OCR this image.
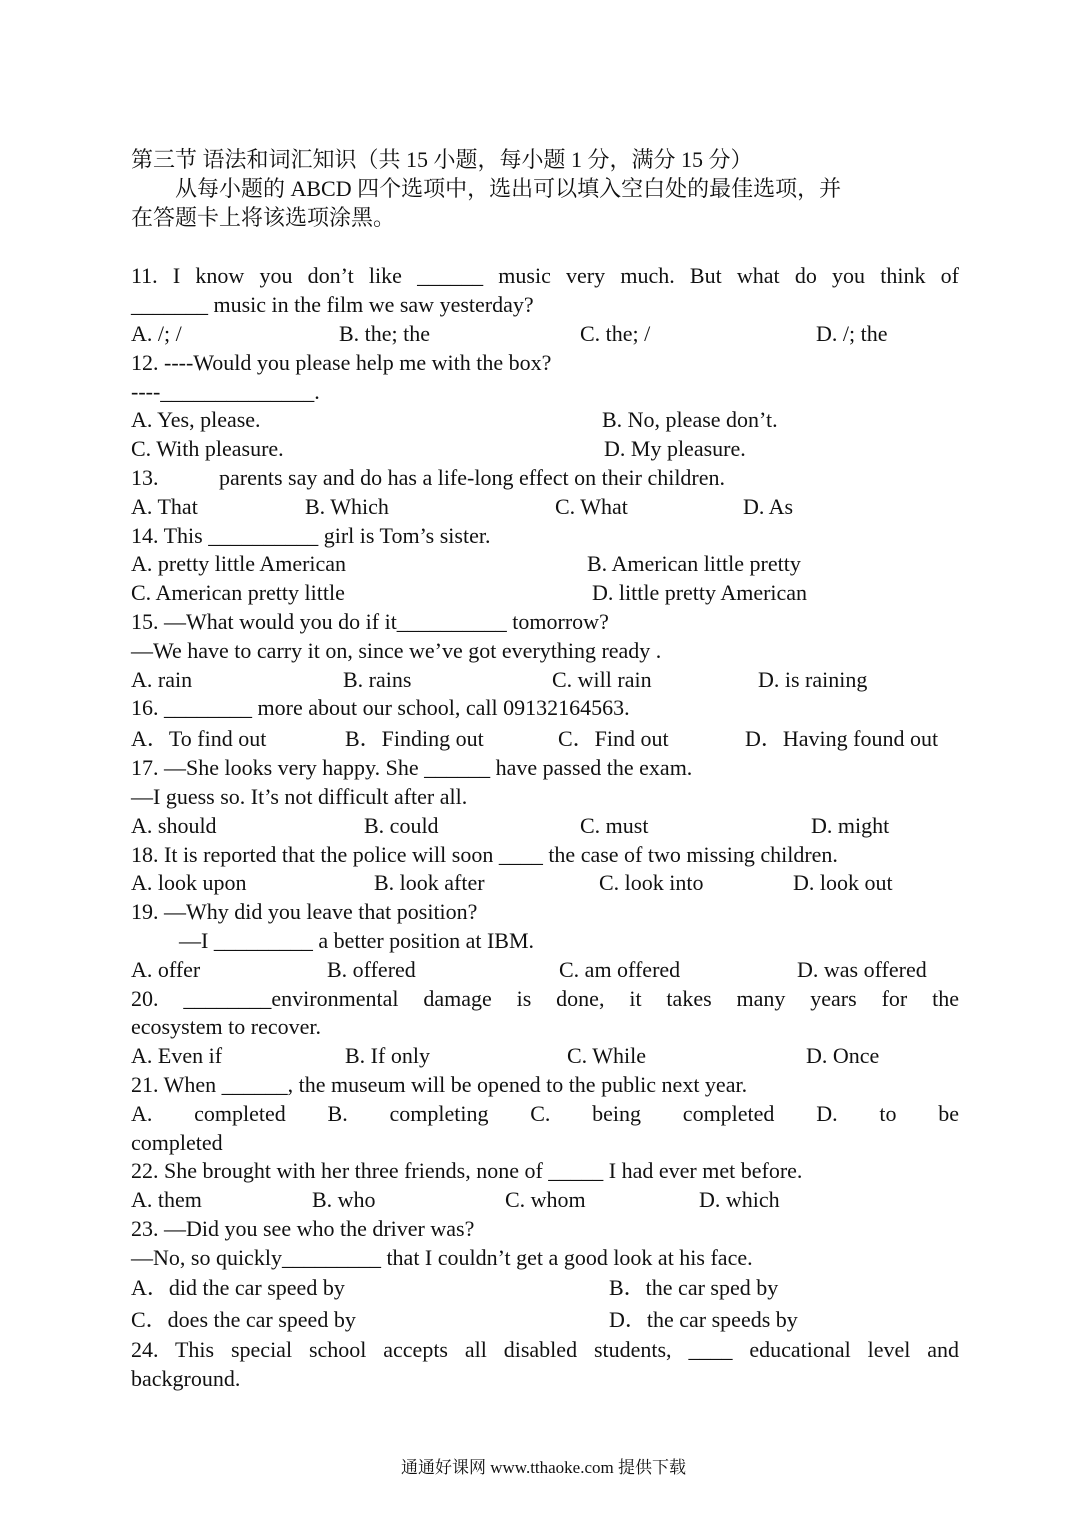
第三节 语法和词汇知识（共 15 小题，每小题 1 分，满分 15 分）
从每小题的 ABCD 四个选项中，选出可以填入空白处的最佳选项，并
在答题卡上将该选项涂黑。
11. I know you don’t like ______ music very much. But what do you think of
_______ music in the film we saw yesterday?
A. /; /	B. the; the	C. the; /	D. /; the
12. ----Would you please help me with the box?
----______________.
A. Yes, please.	B. No, please don’t.
C. With pleasure.	D. My pleasure.
13.           parents say and do has a life-long effect on their children.
A. That	B. Which	C. What	D. As
14. This __________ girl is Tom’s sister.
A. pretty little American	B. American little pretty
C. American pretty little	D. little pretty American
15. —What would you do if it__________ tomorrow?
—We have to carry it on, since we’ve got everything ready .
A. rain	B. rains	C. will rain	D. is raining
16. ________ more about our school, call 09132164563.
A．To find out	B．Finding out	C．Find out	D．Having found out
17. —She looks very happy. She ______ have passed the exam.
—I guess so. It’s not difficult after all.
A. should	B. could	C. must	D. might
18. It is reported that the police will soon ____ the case of two missing children.
A. look upon	B. look after	C. look into	D. look out
19. —Why did you leave that position?
—I _________ a better position at IBM.
A. offer	B. offered	C. am offered	D. was offered
20. ________environmental damage is done, it takes many years for the
ecosystem to recover.
A. Even if	B. If only	C. While	D. Once
21. When ______, the museum will be opened to the public next year.
A. completed B. completing C. being completed D. to be
completed
22. She brought with her three friends, none of _____ I had ever met before.
A. them	B. who	C. whom	D. which
23. —Did you see who the driver was?
—No, so quickly_________ that I couldn’t get a good look at his face.
A．did the car speed by	B．the car sped by
C．does the car speed by	D．the car speeds by
24. This special school accepts all disabled students, ____ educational level and
background.
通通好课网 www.tthaoke.com 提供下载
